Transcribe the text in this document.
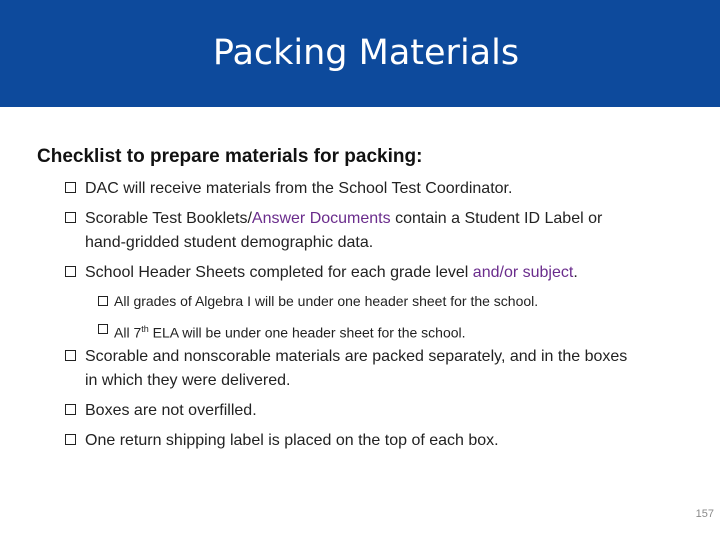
Packing Materials
Checklist to prepare materials for packing:
DAC will receive materials from the School Test Coordinator.
Scorable Test Booklets/Answer Documents contain a Student ID Label or
hand-gridded student demographic data.
School Header Sheets completed for each grade level and/or subject.
All grades of Algebra I will be under one header sheet for the school.
All 7th ELA will be under one header sheet for the school.
Scorable and nonscorable materials are packed separately, and in the boxes
in which they were delivered.
Boxes are not overfilled.
One return shipping label is placed on the top of each box.
157
